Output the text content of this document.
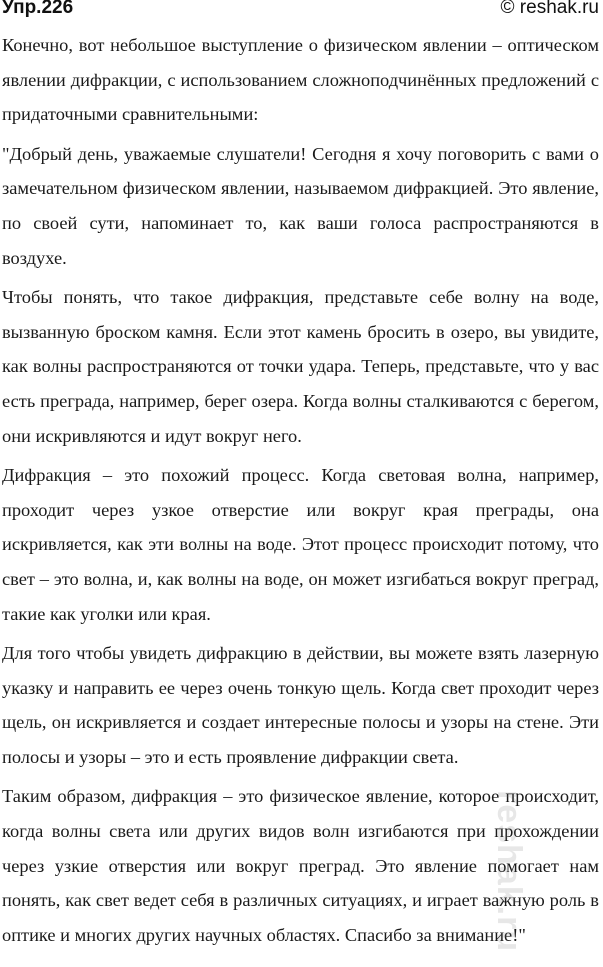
Упр.226	© reshak.ru

Конечно, вот небольшое выступление о физическом явлении – оптическом явлении дифракции, с использованием сложноподчинённых предложений с придаточными сравнительными:

"Добрый день, уважаемые слушатели! Сегодня я хочу поговорить с вами о замечательном физическом явлении, называемом дифракцией. Это явление, по своей сути, напоминает то, как ваши голоса распространяются в воздухе.

Чтобы понять, что такое дифракция, представьте себе волну на воде, вызванную броском камня. Если этот камень бросить в озеро, вы увидите, как волны распространяются от точки удара. Теперь, представьте, что у вас есть преграда, например, берег озера. Когда волны сталкиваются с берегом, они искривляются и идут вокруг него.

Дифракция – это похожий процесс. Когда световая волна, например, проходит через узкое отверстие или вокруг края преграды, она искривляется, как эти волны на воде. Этот процесс происходит потому, что свет – это волна, и, как волны на воде, он может изгибаться вокруг преград, такие как уголки или края.

Для того чтобы увидеть дифракцию в действии, вы можете взять лазерную указку и направить ее через очень тонкую щель. Когда свет проходит через щель, он искривляется и создает интересные полосы и узоры на стене. Эти полосы и узоры – это и есть проявление дифракции света.

Таким образом, дифракция – это физическое явление, которое происходит, когда волны света или других видов волн изгибаются при прохождении через узкие отверстия или вокруг преград. Это явление помогает нам понять, как свет ведет себя в различных ситуациях, и играет важную роль в оптике и многих других научных областях. Спасибо за внимание!"

reshak.ru
